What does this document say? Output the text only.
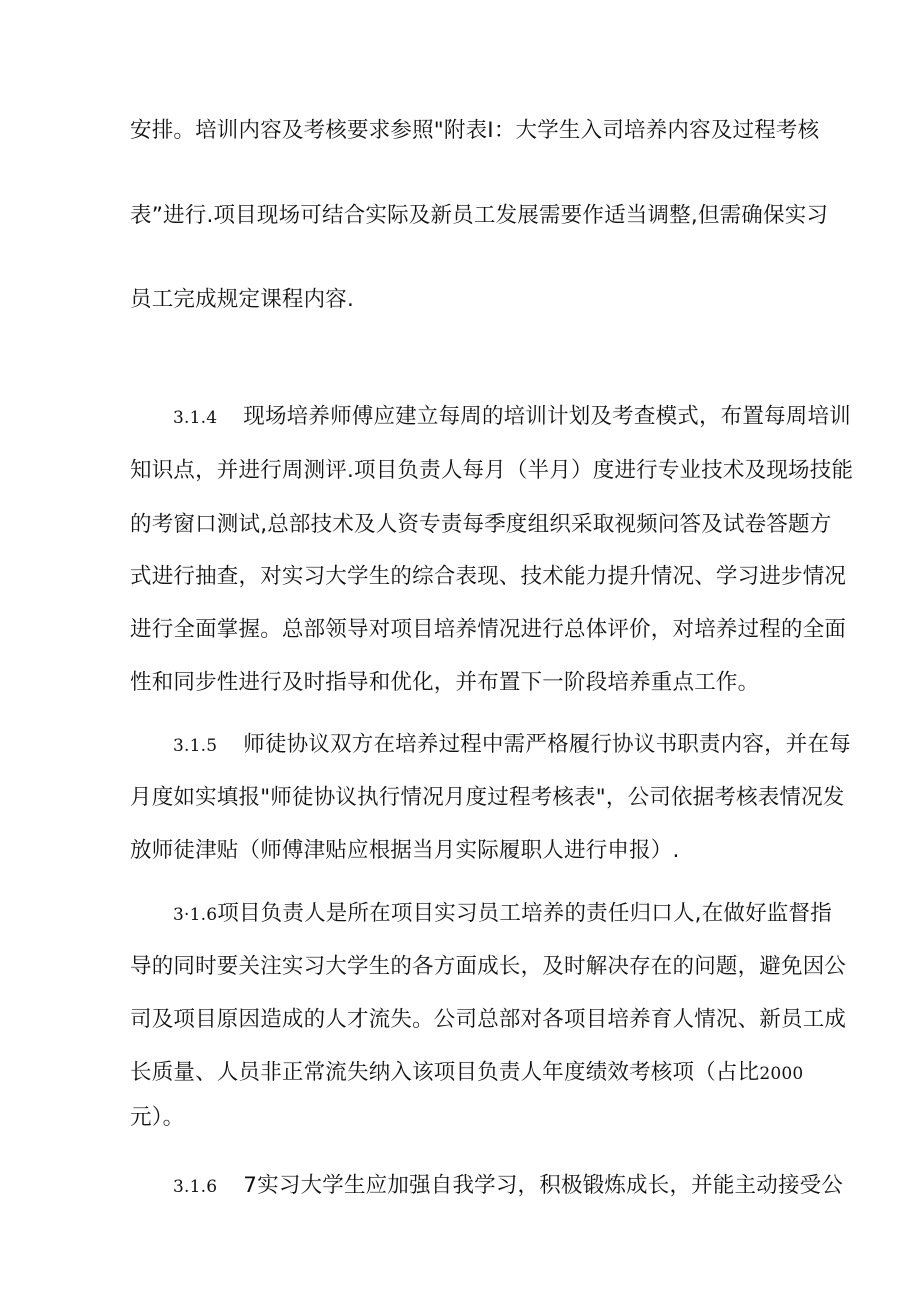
安排。培训内容及考核要求参照"附表I：大学生入司培养内容及过程考核
表”进行.项目现场可结合实际及新员工发展需要作适当调整,但需确保实习
员工完成规定课程内容.
3.1.4 现场培养师傅应建立每周的培训计划及考查模式，布置每周培训
知识点，并进行周测评.项目负责人每月（半月）度进行专业技术及现场技能
的考窗口测试,总部技术及人资专责每季度组织采取视频问答及试卷答题方
式进行抽查，对实习大学生的综合表现、技术能力提升情况、学习进步情况
进行全面掌握。总部领导对项目培养情况进行总体评价，对培养过程的全面
性和同步性进行及时指导和优化，并布置下一阶段培养重点工作。
3.1.5 师徒协议双方在培养过程中需严格履行协议书职责内容，并在每
月度如实填报"师徒协议执行情况月度过程考核表"，公司依据考核表情况发
放师徒津贴（师傅津贴应根据当月实际履职人进行申报）.
3·1.6项目负责人是所在项目实习员工培养的责任归口人,在做好监督指
导的同时要关注实习大学生的各方面成长，及时解决存在的问题，避免因公
司及项目原因造成的人才流失。公司总部对各项目培养育人情况、新员工成
长质量、人员非正常流失纳入该项目负责人年度绩效考核项（占比2000
元）。
3.1.6 7实习大学生应加强自我学习，积极锻炼成长，并能主动接受公
